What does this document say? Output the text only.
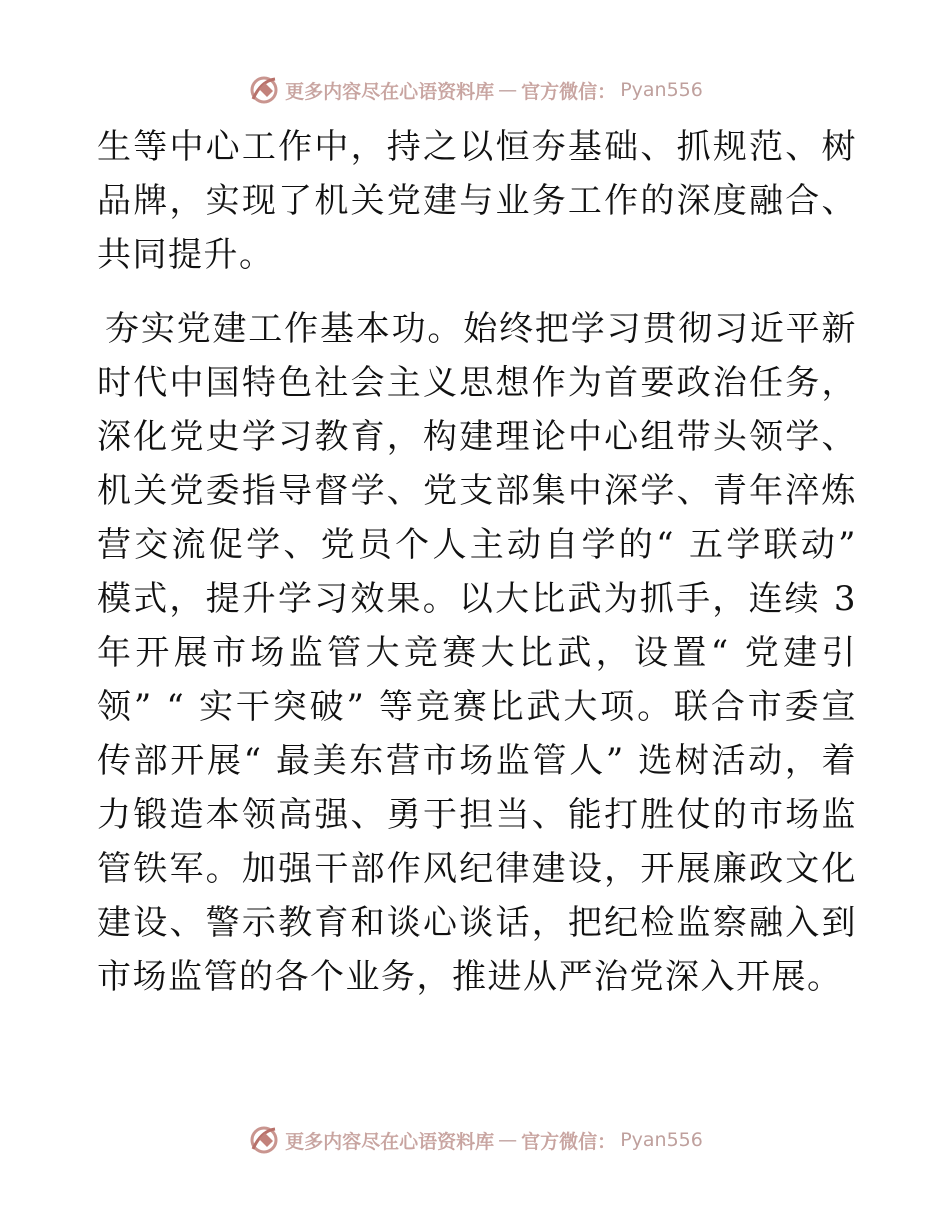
更多内容尽在心语资料库 — 官方微信： Pyan556

生等中心工作中，持之以恒夯基础、抓规范、树品牌，实现了机关党建与业务工作的深度融合、共同提升。

夯实党建工作基本功。始终把学习贯彻习近平新时代中国特色社会主义思想作为首要政治任务，深化党史学习教育，构建理论中心组带头领学、机关党委指导督学、党支部集中深学、青年淬炼营交流促学、党员个人主动自学的“ 五学联动” 模式，提升学习效果。以大比武为抓手，连续 3 年开展市场监管大竞赛大比武，设置“ 党建引领” “ 实干突破” 等竞赛比武大项。联合市委宣传部开展“ 最美东营市场监管人” 选树活动，着力锻造本领高强、勇于担当、能打胜仗的市场监管铁军。加强干部作风纪律建设，开展廉政文化建设、警示教育和谈心谈话，把纪检监察融入到市场监管的各个业务，推进从严治党深入开展。

更多内容尽在心语资料库 — 官方微信： Pyan556
